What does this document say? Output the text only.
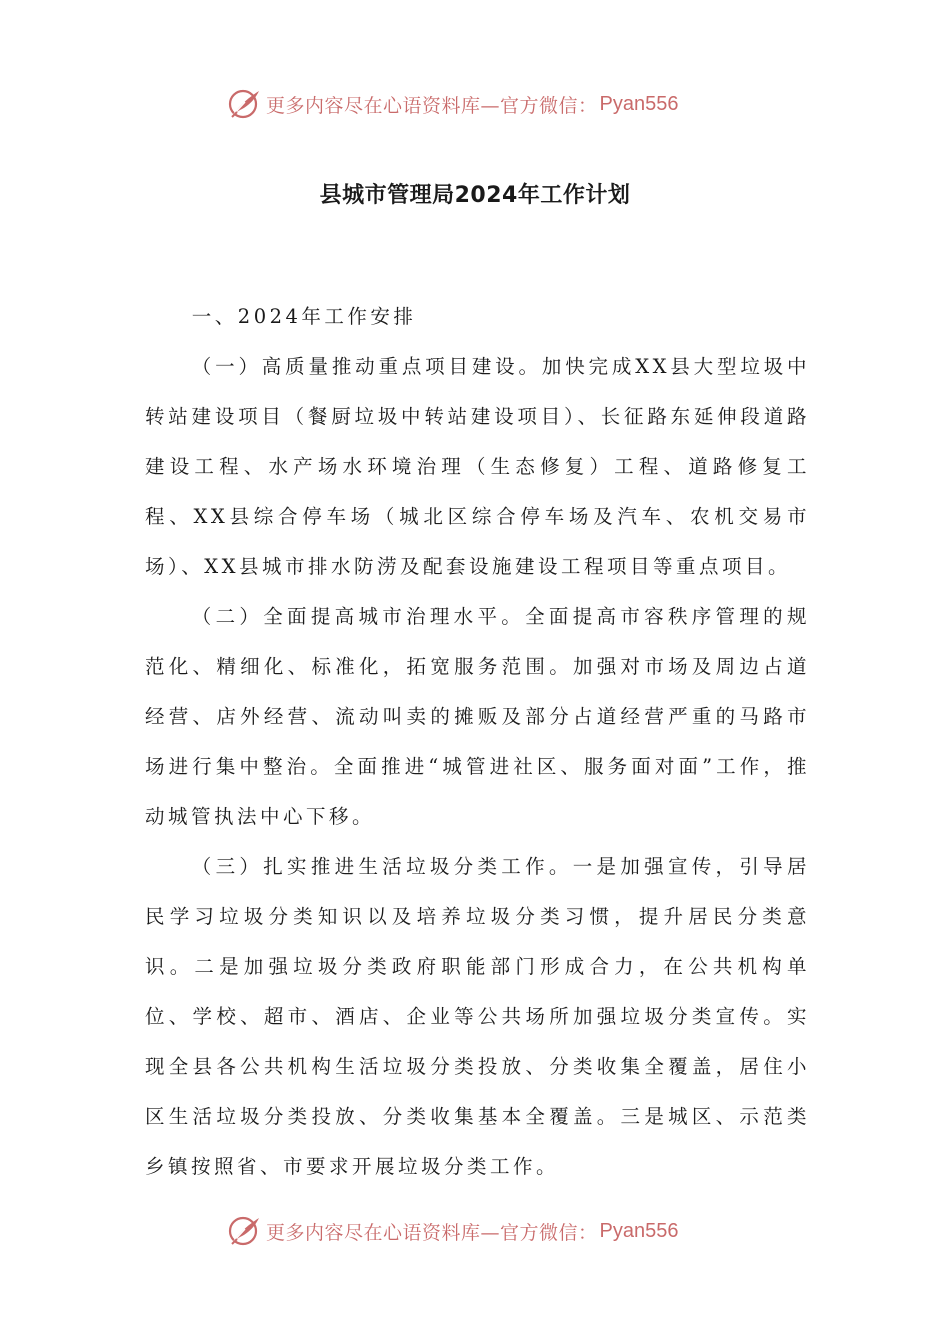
更多内容尽在心语资料库—官方微信： Pyan556
县城市管理局2024年工作计划

一、2024年工作安排

（一）高质量推动重点项目建设。加快完成XX县大型垃圾中转站建设项目（餐厨垃圾中转站建设项目）、长征路东延伸段道路建设工程、水产场水环境治理（生态修复）工程、道路修复工程、XX县综合停车场（城北区综合停车场及汽车、农机交易市场）、XX县城市排水防涝及配套设施建设工程项目等重点项目。

（二）全面提高城市治理水平。全面提高市容秩序管理的规范化、精细化、标准化，拓宽服务范围。加强对市场及周边占道经营、店外经营、流动叫卖的摊贩及部分占道经营严重的马路市场进行集中整治。全面推进“城管进社区、服务面对面”工作，推动城管执法中心下移。

（三）扎实推进生活垃圾分类工作。一是加强宣传，引导居民学习垃圾分类知识以及培养垃圾分类习惯，提升居民分类意识。二是加强垃圾分类政府职能部门形成合力，在公共机构单位、学校、超市、酒店、企业等公共场所加强垃圾分类宣传。实现全县各公共机构生活垃圾分类投放、分类收集全覆盖，居住小区生活垃圾分类投放、分类收集基本全覆盖。三是城区、示范类乡镇按照省、市要求开展垃圾分类工作。

更多内容尽在心语资料库—官方微信： Pyan556
